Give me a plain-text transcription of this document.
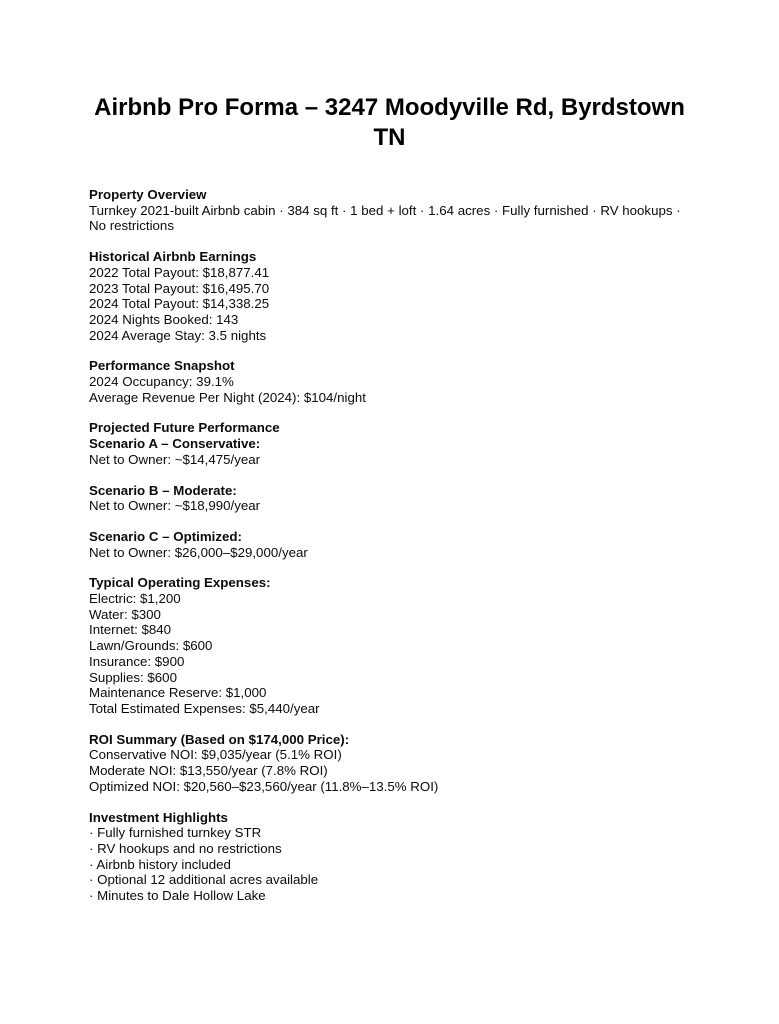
Airbnb Pro Forma – 3247 Moodyville Rd, Byrdstown
TN
Property Overview
Turnkey 2021-built Airbnb cabin · 384 sq ft · 1 bed + loft · 1.64 acres · Fully furnished · RV hookups · No restrictions
Historical Airbnb Earnings
2022 Total Payout: $18,877.41
2023 Total Payout: $16,495.70
2024 Total Payout: $14,338.25
2024 Nights Booked: 143
2024 Average Stay: 3.5 nights
Performance Snapshot
2024 Occupancy: 39.1%
Average Revenue Per Night (2024): $104/night
Projected Future Performance
Scenario A – Conservative:
Net to Owner: ~$14,475/year
Scenario B – Moderate:
Net to Owner: ~$18,990/year
Scenario C – Optimized:
Net to Owner: $26,000–$29,000/year
Typical Operating Expenses:
Electric: $1,200
Water: $300
Internet: $840
Lawn/Grounds: $600
Insurance: $900
Supplies: $600
Maintenance Reserve: $1,000
Total Estimated Expenses: $5,440/year
ROI Summary (Based on $174,000 Price):
Conservative NOI: $9,035/year (5.1% ROI)
Moderate NOI: $13,550/year (7.8% ROI)
Optimized NOI: $20,560–$23,560/year (11.8%–13.5% ROI)
Investment Highlights
· Fully furnished turnkey STR
· RV hookups and no restrictions
· Airbnb history included
· Optional 12 additional acres available
· Minutes to Dale Hollow Lake
